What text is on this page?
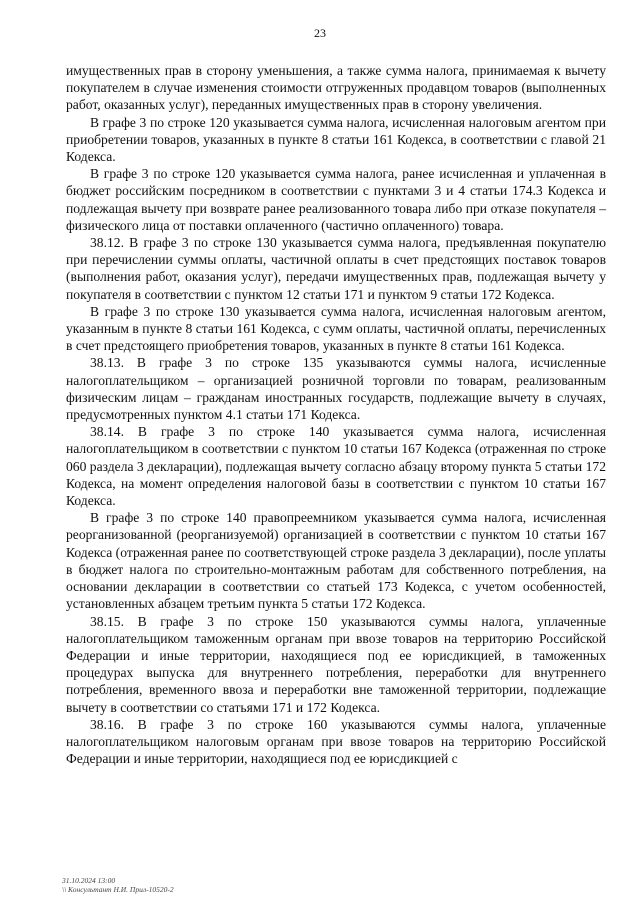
23

имущественных прав в сторону уменьшения, а также сумма налога, принимаемая к вычету покупателем в случае изменения стоимости отгруженных продавцом товаров (выполненных работ, оказанных услуг), переданных имущественных прав в сторону увеличения.

В графе 3 по строке 120 указывается сумма налога, исчисленная налоговым агентом при приобретении товаров, указанных в пункте 8 статьи 161 Кодекса, в соответствии с главой 21 Кодекса.

В графе 3 по строке 120 указывается сумма налога, ранее исчисленная и уплаченная в бюджет российским посредником в соответствии с пунктами 3 и 4 статьи 174.3 Кодекса и подлежащая вычету при возврате ранее реализованного товара либо при отказе покупателя – физического лица от поставки оплаченного (частично оплаченного) товара.

38.12. В графе 3 по строке 130 указывается сумма налога, предъявленная покупателю при перечислении суммы оплаты, частичной оплаты в счет предстоящих поставок товаров (выполнения работ, оказания услуг), передачи имущественных прав, подлежащая вычету у покупателя в соответствии с пунктом 12 статьи 171 и пунктом 9 статьи 172 Кодекса.

В графе 3 по строке 130 указывается сумма налога, исчисленная налоговым агентом, указанным в пункте 8 статьи 161 Кодекса, с сумм оплаты, частичной оплаты, перечисленных в счет предстоящего приобретения товаров, указанных в пункте 8 статьи 161 Кодекса.

38.13. В графе 3 по строке 135 указываются суммы налога, исчисленные налогоплательщиком – организацией розничной торговли по товарам, реализованным физическим лицам – гражданам иностранных государств, подлежащие вычету в случаях, предусмотренных пунктом 4.1 статьи 171 Кодекса.

38.14. В графе 3 по строке 140 указывается сумма налога, исчисленная налогоплательщиком в соответствии с пунктом 10 статьи 167 Кодекса (отраженная по строке 060 раздела 3 декларации), подлежащая вычету согласно абзацу второму пункта 5 статьи 172 Кодекса, на момент определения налоговой базы в соответствии с пунктом 10 статьи 167 Кодекса.

В графе 3 по строке 140 правопреемником указывается сумма налога, исчисленная реорганизованной (реорганизуемой) организацией в соответствии с пунктом 10 статьи 167 Кодекса (отраженная ранее по соответствующей строке раздела 3 декларации), после уплаты в бюджет налога по строительно-монтажным работам для собственного потребления, на основании декларации в соответствии со статьей 173 Кодекса, с учетом особенностей, установленных абзацем третьим пункта 5 статьи 172 Кодекса.

38.15. В графе 3 по строке 150 указываются суммы налога, уплаченные налогоплательщиком таможенным органам при ввозе товаров на территорию Российской Федерации и иные территории, находящиеся под ее юрисдикцией, в таможенных процедурах выпуска для внутреннего потребления, переработки для внутреннего потребления, временного ввоза и переработки вне таможенной территории, подлежащие вычету в соответствии со статьями 171 и 172 Кодекса.

38.16. В графе 3 по строке 160 указываются суммы налога, уплаченные налогоплательщиком налоговым органам при ввозе товаров на территорию Российской Федерации и иные территории, находящиеся под ее юрисдикцией с

31.10.2024 13:00
\\ Консультант Н.И. Прил-10520-2
